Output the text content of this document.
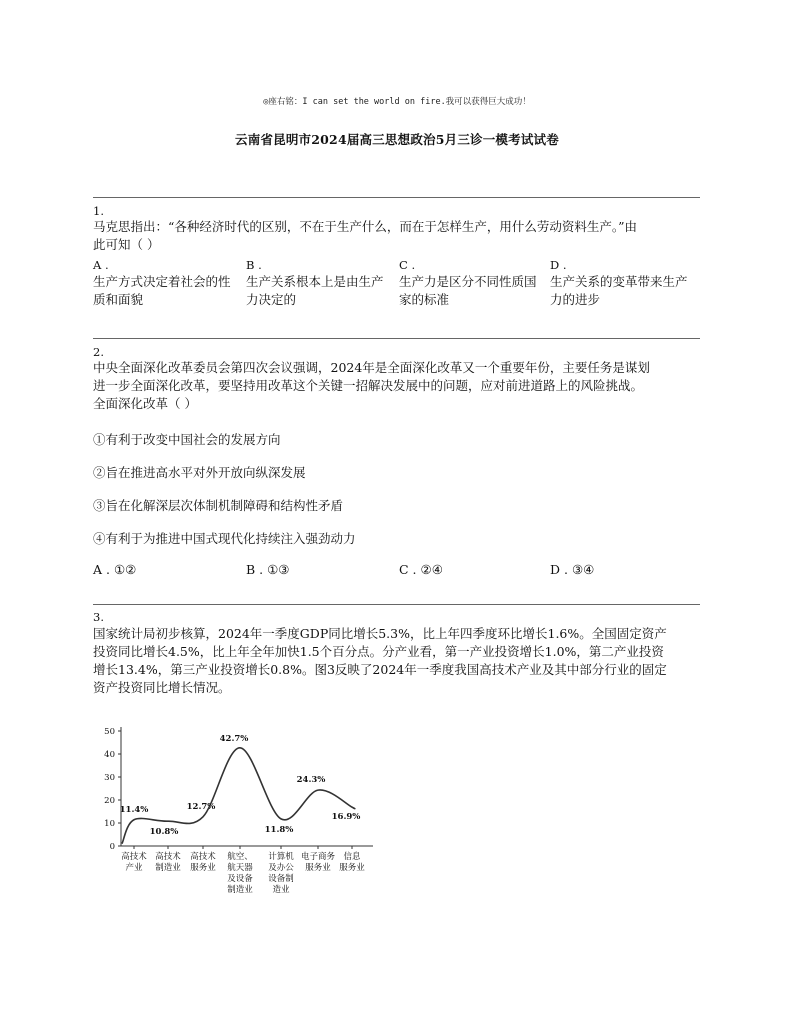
◎座右铭：I can set the world on fire.我可以获得巨大成功！
云南省昆明市2024届高三思想政治5月三诊一模考试试卷
1.
马克思指出：“各种经济时代的区别，不在于生产什么，而在于怎样生产，用什么劳动资料生产。”由
此可知（ ）
A .
生产方式决定着社会的性
质和面貌
B .
生产关系根本上是由生产
力决定的
C .
生产力是区分不同性质国
家的标准
D .
生产关系的变革带来生产
力的进步
2.
中央全面深化改革委员会第四次会议强调，2024年是全面深化改革又一个重要年份，主要任务是谋划
进一步全面深化改革，要坚持用改革这个关键一招解决发展中的问题，应对前进道路上的风险挑战。
全面深化改革（ ）
①有利于改变中国社会的发展方向
②旨在推进高水平对外开放向纵深发展
③旨在化解深层次体制机制障碍和结构性矛盾
④有利于为推进中国式现代化持续注入强劲动力
A . ①②	B . ①③	C . ②④	D . ③④
3.
国家统计局初步核算，2024年一季度GDP同比增长5.3%，比上年四季度环比增长1.6%。全国固定资产
投资同比增长4.5%，比上年全年加快1.5个百分点。分产业看，第一产业投资增长1.0%，第二产业投资
增长13.4%，第三产业投资增长0.8%。图3反映了2024年一季度我国高技术产业及其中部分行业的固定
资产投资同比增长情况。
0
10
20
30
40
50
11.4%
10.8%
12.7%
42.7%
11.8%
24.3%
16.9%
高技术产业
高技术制造业
高技术服务业
航空、航天器及设备制造业
计算机及办公设备制造业
电子商务服务业
信息服务业
